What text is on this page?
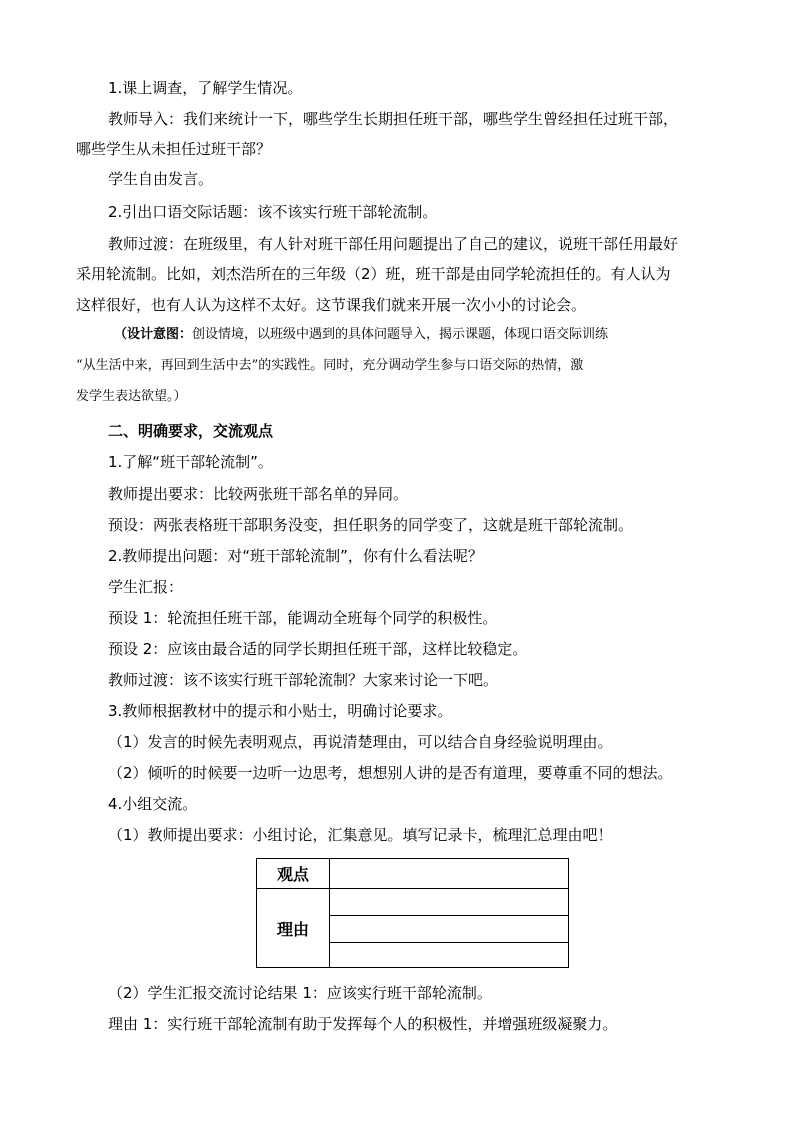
1.课上调查，了解学生情况。
教师导入：我们来统计一下，哪些学生长期担任班干部，哪些学生曾经担任过班干部，
哪些学生从未担任过班干部？
学生自由发言。
2.引出口语交际话题：该不该实行班干部轮流制。
教师过渡：在班级里，有人针对班干部任用问题提出了自己的建议，说班干部任用最好
采用轮流制。比如，刘杰浩所在的三年级（2）班，班干部是由同学轮流担任的。有人认为
这样很好，也有人认为这样不太好。这节课我们就来开展一次小小的讨论会。
（设计意图：创设情境，以班级中遇到的具体问题导入，揭示课题，体现口语交际训练
“从生活中来，再回到生活中去”的实践性。同时，充分调动学生参与口语交际的热情，激
发学生表达欲望。）
二、明确要求，交流观点
1.了解“班干部轮流制”。
教师提出要求：比较两张班干部名单的异同。
预设：两张表格班干部职务没变，担任职务的同学变了，这就是班干部轮流制。
2.教师提出问题：对“班干部轮流制”，你有什么看法呢？
学生汇报：
预设 1：轮流担任班干部，能调动全班每个同学的积极性。
预设 2：应该由最合适的同学长期担任班干部，这样比较稳定。
教师过渡：该不该实行班干部轮流制？大家来讨论一下吧。
3.教师根据教材中的提示和小贴士，明确讨论要求。
（1）发言的时候先表明观点，再说清楚理由，可以结合自身经验说明理由。
（2）倾听的时候要一边听一边思考，想想别人讲的是否有道理，要尊重不同的想法。
4.小组交流。
（1）教师提出要求：小组讨论，汇集意见。填写记录卡，梳理汇总理由吧！
观点	
理由	

（2）学生汇报交流讨论结果 1：应该实行班干部轮流制。
理由 1：实行班干部轮流制有助于发挥每个人的积极性，并增强班级凝聚力。
